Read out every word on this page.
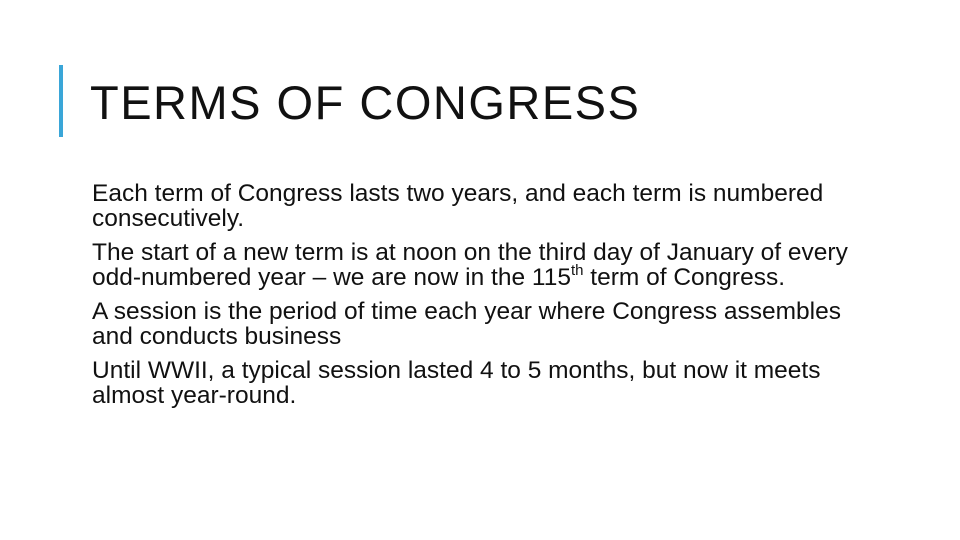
TERMS OF CONGRESS

Each term of Congress lasts two years, and each term is numbered consecutively.

The start of a new term is at noon on the third day of January of every odd-numbered year – we are now in the 115th term of Congress.

A session is the period of time each year where Congress assembles and conducts business

Until WWII, a typical session lasted 4 to 5 months, but now it meets almost year-round.
